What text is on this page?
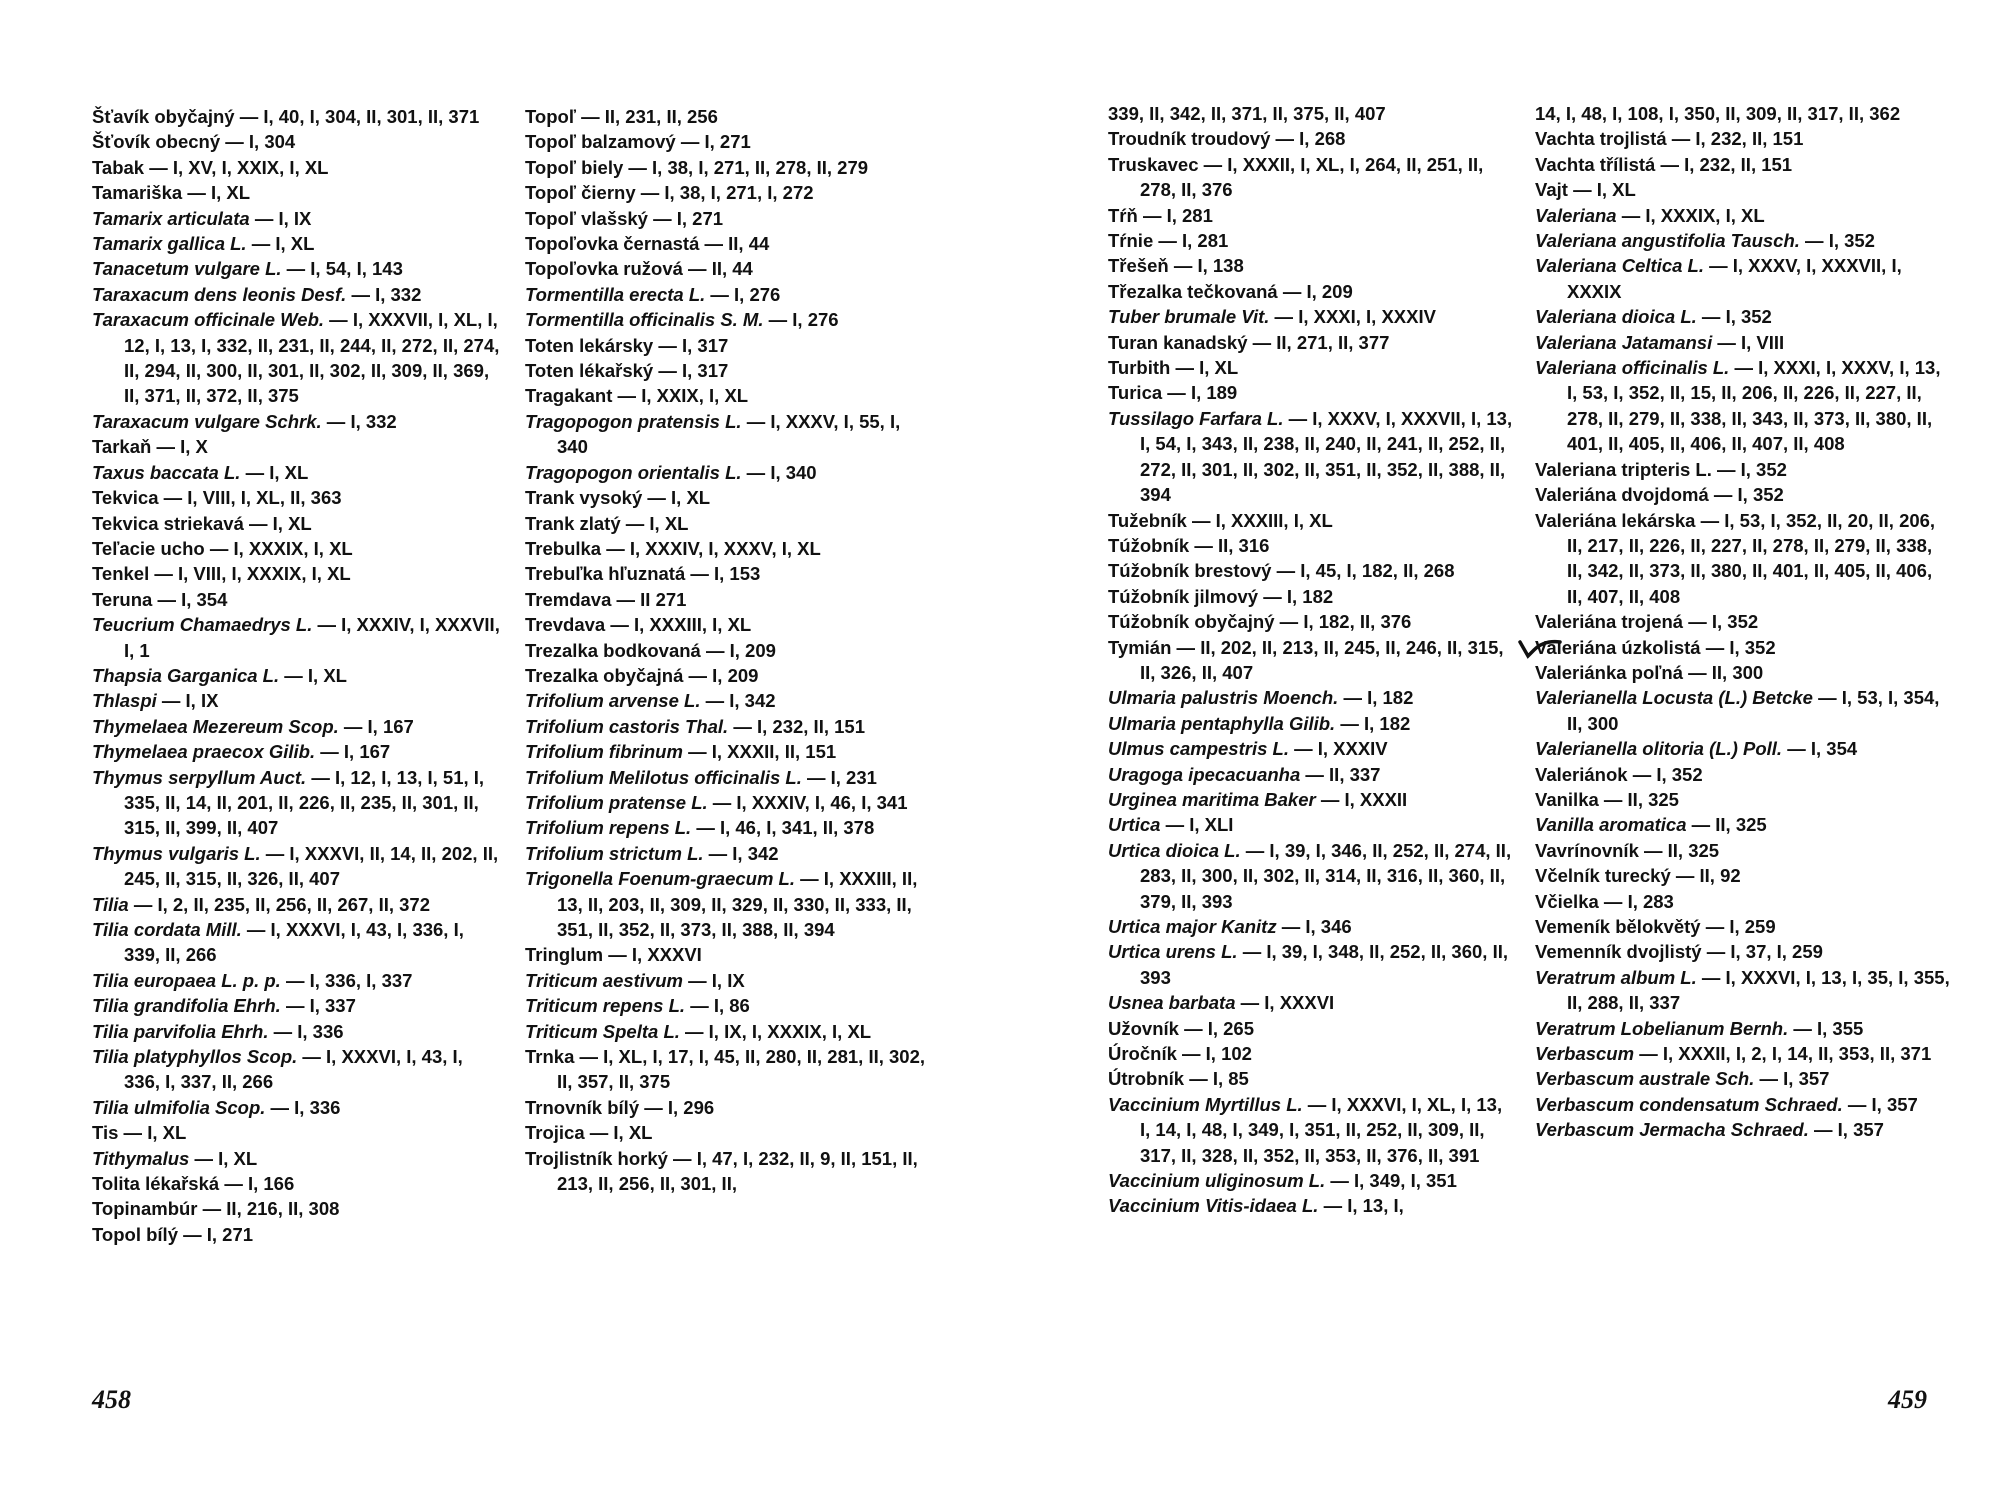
Šťavík obyčajný — I, 40, I, 304, II, 301, II, 371
Šťovík obecný — I, 304
Tabak — I, XV, I, XXIX, I, XL
Tamariška — I, XL
Tamarix articulata — I, IX
Tamarix gallica L. — I, XL
Tanacetum vulgare L. — I, 54, I, 143
Taraxacum dens leonis Desf. — I, 332
Taraxacum officinale Web. — I, XXXVII, I, XL, I, 12, I, 13, I, 332, II, 231, II, 244, II, 272, II, 274, II, 294, II, 300, II, 301, II, 302, II, 309, II, 369, II, 371, II, 372, II, 375
Taraxacum vulgare Schrk. — I, 332
Tarkaň — I, X
Taxus baccata L. — I, XL
Tekvica — I, VIII, I, XL, II, 363
Tekvica striekavá — I, XL
Teľacie ucho — I, XXXIX, I, XL
Tenkel — I, VIII, I, XXXIX, I, XL
Teruna — I, 354
Teucrium Chamaedrys L. — I, XXXIV, I, XXXVII, I, 1
Thapsia Garganica L. — I, XL
Thlaspi — I, IX
Thymelaea Mezereum Scop. — I, 167
Thymelaea praecox Gilib. — I, 167
Thymus serpyllum Auct. — I, 12, I, 13, I, 51, I, 335, II, 14, II, 201, II, 226, II, 235, II, 301, II, 315, II, 399, II, 407
Thymus vulgaris L. — I, XXXVI, II, 14, II, 202, II, 245, II, 315, II, 326, II, 407
Tilia — I, 2, II, 235, II, 256, II, 267, II, 372
Tilia cordata Mill. — I, XXXVI, I, 43, I, 336, I, 339, II, 266
Tilia europaea L. p. p. — I, 336, I, 337
Tilia grandifolia Ehrh. — I, 337
Tilia parvifolia Ehrh. — I, 336
Tilia platyphyllos Scop. — I, XXXVI, I, 43, I, 336, I, 337, II, 266
Tilia ulmifolia Scop. — I, 336
Tis — I, XL
Tithymalus — I, XL
Tolita lékařská — I, 166
Topinambúr — II, 216, II, 308
Topol bílý — I, 271
Topoľ — II, 231, II, 256
Topoľ balzamový — I, 271
Topoľ biely — I, 38, I, 271, II, 278, II, 279
Topoľ čierny — I, 38, I, 271, I, 272
Topoľ vlašský — I, 271
Topoľovka černastá — II, 44
Topoľovka ružová — II, 44
Tormentilla erecta L. — I, 276
Tormentilla officinalis S. M. — I, 276
Toten lekársky — I, 317
Toten lékařský — I, 317
Tragakant — I, XXIX, I, XL
Tragopogon pratensis L. — I, XXXV, I, 55, I, 340
Tragopogon orientalis L. — I, 340
Trank vysoký — I, XL
Trank zlatý — I, XL
Trebulka — I, XXXIV, I, XXXV, I, XL
Trebuľka hľuznatá — I, 153
Tremdava — II 271
Trevdava — I, XXXIII, I, XL
Trezalka bodkovaná — I, 209
Trezalka obyčajná — I, 209
Trifolium arvense L. — I, 342
Trifolium castoris Thal. — I, 232, II, 151
Trifolium fibrinum — I, XXXII, II, 151
Trifolium Melilotus officinalis L. — I, 231
Trifolium pratense L. — I, XXXIV, I, 46, I, 341
Trifolium repens L. — I, 46, I, 341, II, 378
Trifolium strictum L. — I, 342
Trigonella Foenum-graecum L. — I, XXXIII, II, 13, II, 203, II, 309, II, 329, II, 330, II, 333, II, 351, II, 352, II, 373, II, 388, II, 394
Tringlum — I, XXXVI
Triticum aestivum — I, IX
Triticum repens L. — I, 86
Triticum Spelta L. — I, IX, I, XXXIX, I, XL
Trnka — I, XL, I, 17, I, 45, II, 280, II, 281, II, 302, II, 357, II, 375
Trnovník bílý — I, 296
Trojica — I, XL
Trojlistník horký — I, 47, I, 232, II, 9, II, 151, II, 213, II, 256, II, 301, II,
339, II, 342, II, 371, II, 375, II, 407
Troudník troudový — I, 268
Truskavec — I, XXXII, I, XL, I, 264, II, 251, II, 278, II, 376
Tŕň — I, 281
Tŕnie — I, 281
Třešeň — I, 138
Třezalka tečkovaná — I, 209
Tuber brumale Vit. — I, XXXI, I, XXXIV
Turan kanadský — II, 271, II, 377
Turbith — I, XL
Turica — I, 189
Tussilago Farfara L. — I, XXXV, I, XXXVII, I, 13, I, 54, I, 343, II, 238, II, 240, II, 241, II, 252, II, 272, II, 301, II, 302, II, 351, II, 352, II, 388, II, 394
Tužebník — I, XXXIII, I, XL
Túžobník — II, 316
Túžobník brestový — I, 45, I, 182, II, 268
Túžobník jilmový — I, 182
Túžobník obyčajný — I, 182, II, 376
Tymián — II, 202, II, 213, II, 245, II, 246, II, 315, II, 326, II, 407
Ulmaria palustris Moench. — I, 182
Ulmaria pentaphylla Gilib. — I, 182
Ulmus campestris L. — I, XXXIV
Uragoga ipecacuanha — II, 337
Urginea maritima Baker — I, XXXII
Urtica — I, XLI
Urtica dioica L. — I, 39, I, 346, II, 252, II, 274, II, 283, II, 300, II, 302, II, 314, II, 316, II, 360, II, 379, II, 393
Urtica major Kanitz — I, 346
Urtica urens L. — I, 39, I, 348, II, 252, II, 360, II, 393
Usnea barbata — I, XXXVI
Užovník — I, 265
Úročník — I, 102
Útrobník — I, 85
Vaccinium Myrtillus L. — I, XXXVI, I, XL, I, 13, I, 14, I, 48, I, 349, I, 351, II, 252, II, 309, II, 317, II, 328, II, 352, II, 353, II, 376, II, 391
Vaccinium uliginosum L. — I, 349, I, 351
Vaccinium Vitis-idaea L. — I, 13, I,
14, I, 48, I, 108, I, 350, II, 309, II, 317, II, 362
Vachta trojlistá — I, 232, II, 151
Vachta třílistá — I, 232, II, 151
Vajt — I, XL
Valeriana — I, XXXIX, I, XL
Valeriana angustifolia Tausch. — I, 352
Valeriana Celtica L. — I, XXXV, I, XXXVII, I, XXXIX
Valeriana dioica L. — I, 352
Valeriana Jatamansi — I, VIII
Valeriana officinalis L. — I, XXXI, I, XXXV, I, 13, I, 53, I, 352, II, 15, II, 206, II, 226, II, 227, II, 278, II, 279, II, 338, II, 343, II, 373, II, 380, II, 401, II, 405, II, 406, II, 407, II, 408
Valeriana tripteris L. — I, 352
Valeriána dvojdomá — I, 352
Valeriána lekárska — I, 53, I, 352, II, 20, II, 206, II, 217, II, 226, II, 227, II, 278, II, 279, II, 338, II, 342, II, 373, II, 380, II, 401, II, 405, II, 406, II, 407, II, 408
Valeriána trojená — I, 352
Valeriána úzkolistá — I, 352
Valeriánka poľná — II, 300
Valerianella Locusta (L.) Betcke — I, 53, I, 354, II, 300
Valerianella olitoria (L.) Poll. — I, 354
Valeriánok — I, 352
Vanilka — II, 325
Vanilla aromatica — II, 325
Vavrínovník — II, 325
Včelník turecký — II, 92
Včielka — I, 283
Vemeník bělokvětý — I, 259
Vemenník dvojlistý — I, 37, I, 259
Veratrum album L. — I, XXXVI, I, 13, I, 35, I, 355, II, 288, II, 337
Veratrum Lobelianum Bernh. — I, 355
Verbascum — I, XXXII, I, 2, I, 14, II, 353, II, 371
Verbascum australe Sch. — I, 357
Verbascum condensatum Schraed. — I, 357
Verbascum Jermacha Schraed. — I, 357
458	459
